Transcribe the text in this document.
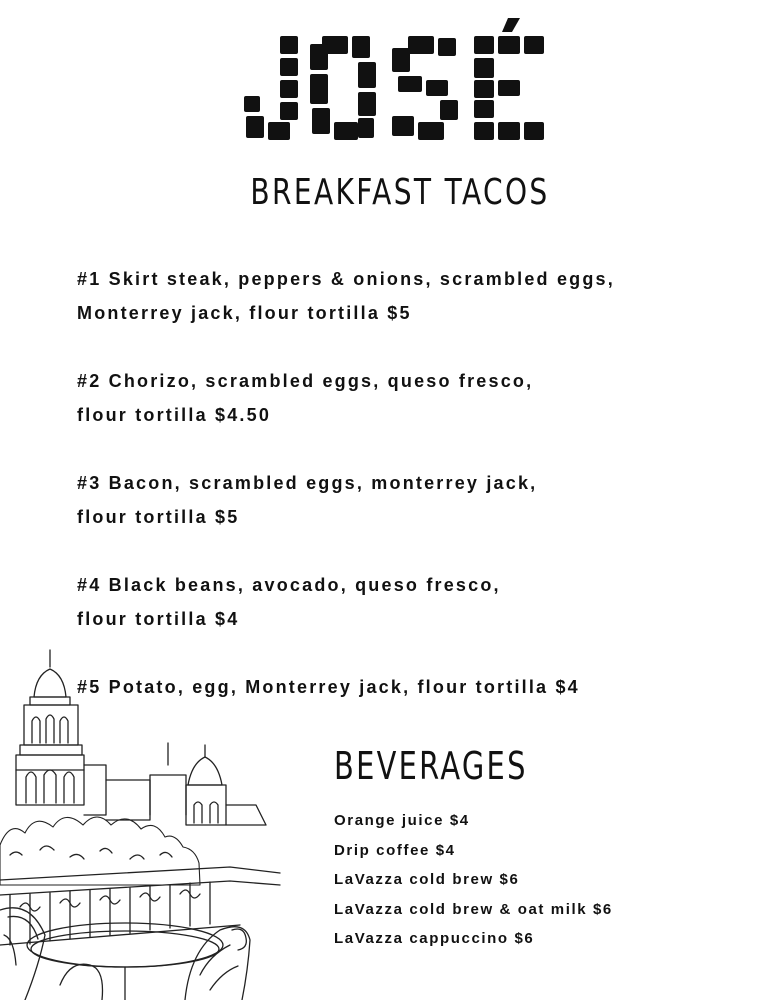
BREAKFAST TACOS

#1 Skirt steak, peppers & onions, scrambled eggs,
Monterrey jack, flour tortilla $5

#2 Chorizo, scrambled eggs, queso fresco,
flour tortilla $4.50

#3 Bacon, scrambled eggs, monterrey jack,
flour tortilla $5

#4 Black beans, avocado, queso fresco,
flour tortilla $4

#5 Potato, egg, Monterrey jack, flour tortilla $4

BEVERAGES
Orange juice $4
Drip coffee $4
LaVazza cold brew $6
LaVazza cold brew & oat milk $6
LaVazza cappuccino $6
